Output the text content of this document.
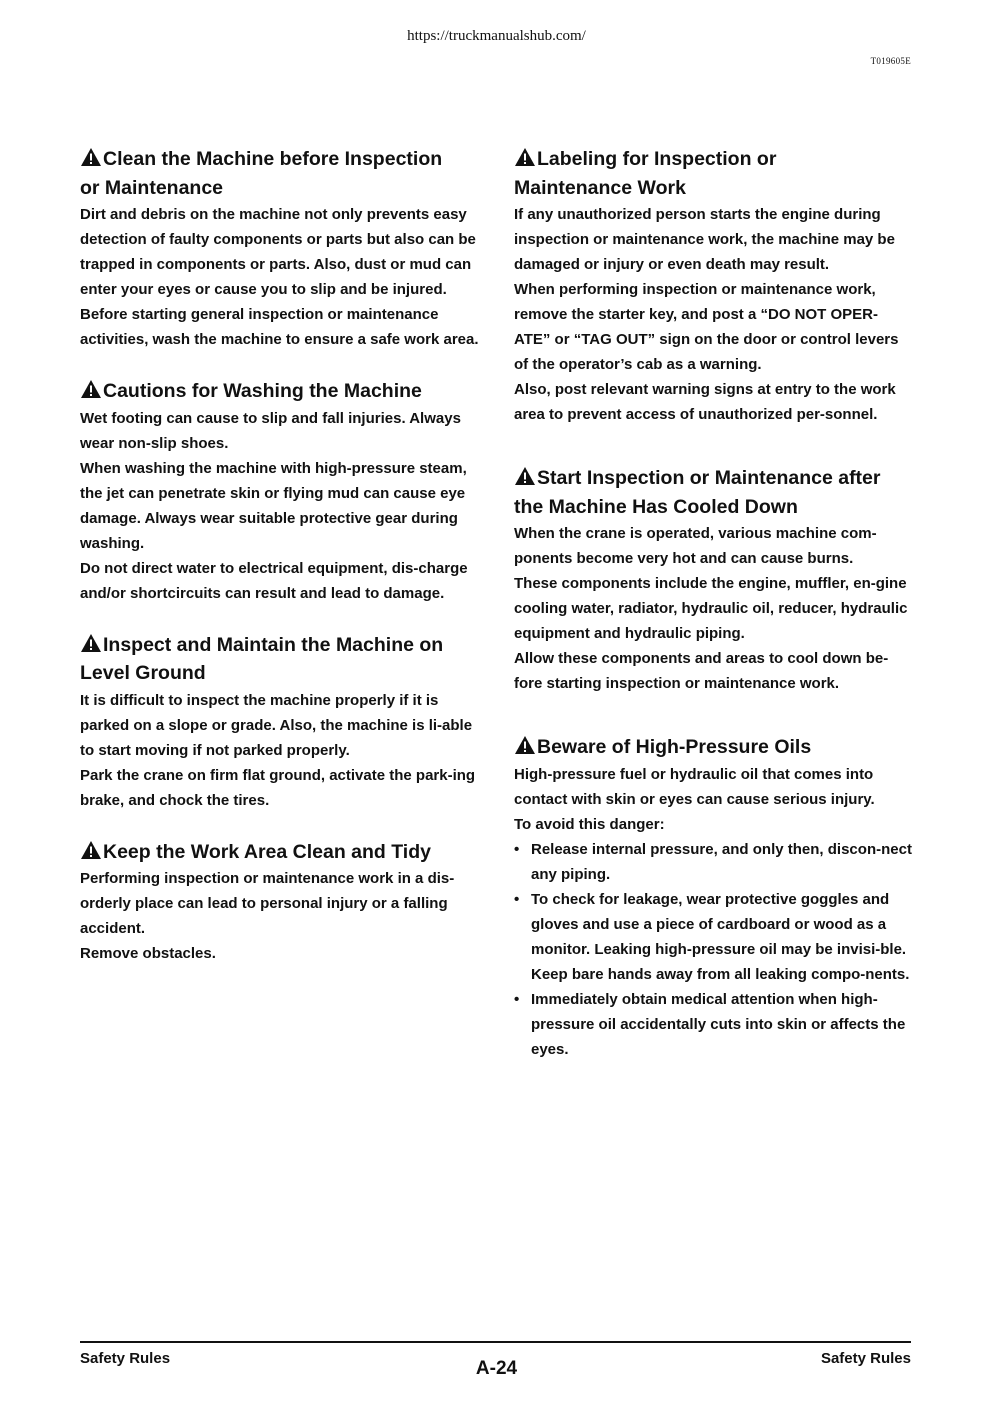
https://truckmanualshub.com/
T019605E
Clean the Machine before Inspection
or Maintenance

Dirt and debris on the machine not only prevents easy detection of faulty components or parts but also can be trapped in components or parts. Also, dust or mud can enter your eyes or cause you to slip and be injured.

Before starting general inspection or maintenance activities, wash the machine to ensure a safe work area.

Cautions for Washing the Machine

Wet footing can cause to slip and fall injuries. Always wear non-slip shoes.

When washing the machine with high-pressure steam, the jet can penetrate skin or flying mud can cause eye damage. Always wear suitable protective gear during washing.

Do not direct water to electrical equipment, dis-charge and/or shortcircuits can result and lead to damage.

Inspect and Maintain the Machine on
Level Ground

It is difficult to inspect the machine properly if it is parked on a slope or grade. Also, the machine is li-able to start moving if not parked properly.

Park the crane on firm flat ground, activate the park-ing brake, and chock the tires.

Keep the Work Area Clean and Tidy

Performing inspection or maintenance work in a dis-orderly place can lead to personal injury or a falling accident.

Remove obstacles.

Labeling for Inspection or
Maintenance Work

If any unauthorized person starts the engine during inspection or maintenance work, the machine may be damaged or injury or even death may result.

When performing inspection or maintenance work, remove the starter key, and post a “DO NOT OPER-ATE” or “TAG OUT” sign on the door or control levers of the operator’s cab as a warning.

Also, post relevant warning signs at entry to the work area to prevent access of unauthorized per-sonnel.

Start Inspection or Maintenance after
the Machine Has Cooled Down

When the crane is operated, various machine com-ponents become very hot and can cause burns.

These components include the engine, muffler, en-gine cooling water, radiator, hydraulic oil, reducer, hydraulic equipment and hydraulic piping.

Allow these components and areas to cool down be-fore starting inspection or maintenance work.

Beware of High-Pressure Oils

High-pressure fuel or hydraulic oil that comes into contact with skin or eyes can cause serious injury.

To avoid this danger:

• Release internal pressure, and only then, discon-nect any piping.
• To check for leakage, wear protective goggles and gloves and use a piece of cardboard or wood as a monitor. Leaking high-pressure oil may be invisi-ble.

Keep bare hands away from all leaking compo-nents.

• Immediately obtain medical attention when high-pressure oil accidentally cuts into skin or affects the eyes.
Safety Rules	A-24	Safety Rules
